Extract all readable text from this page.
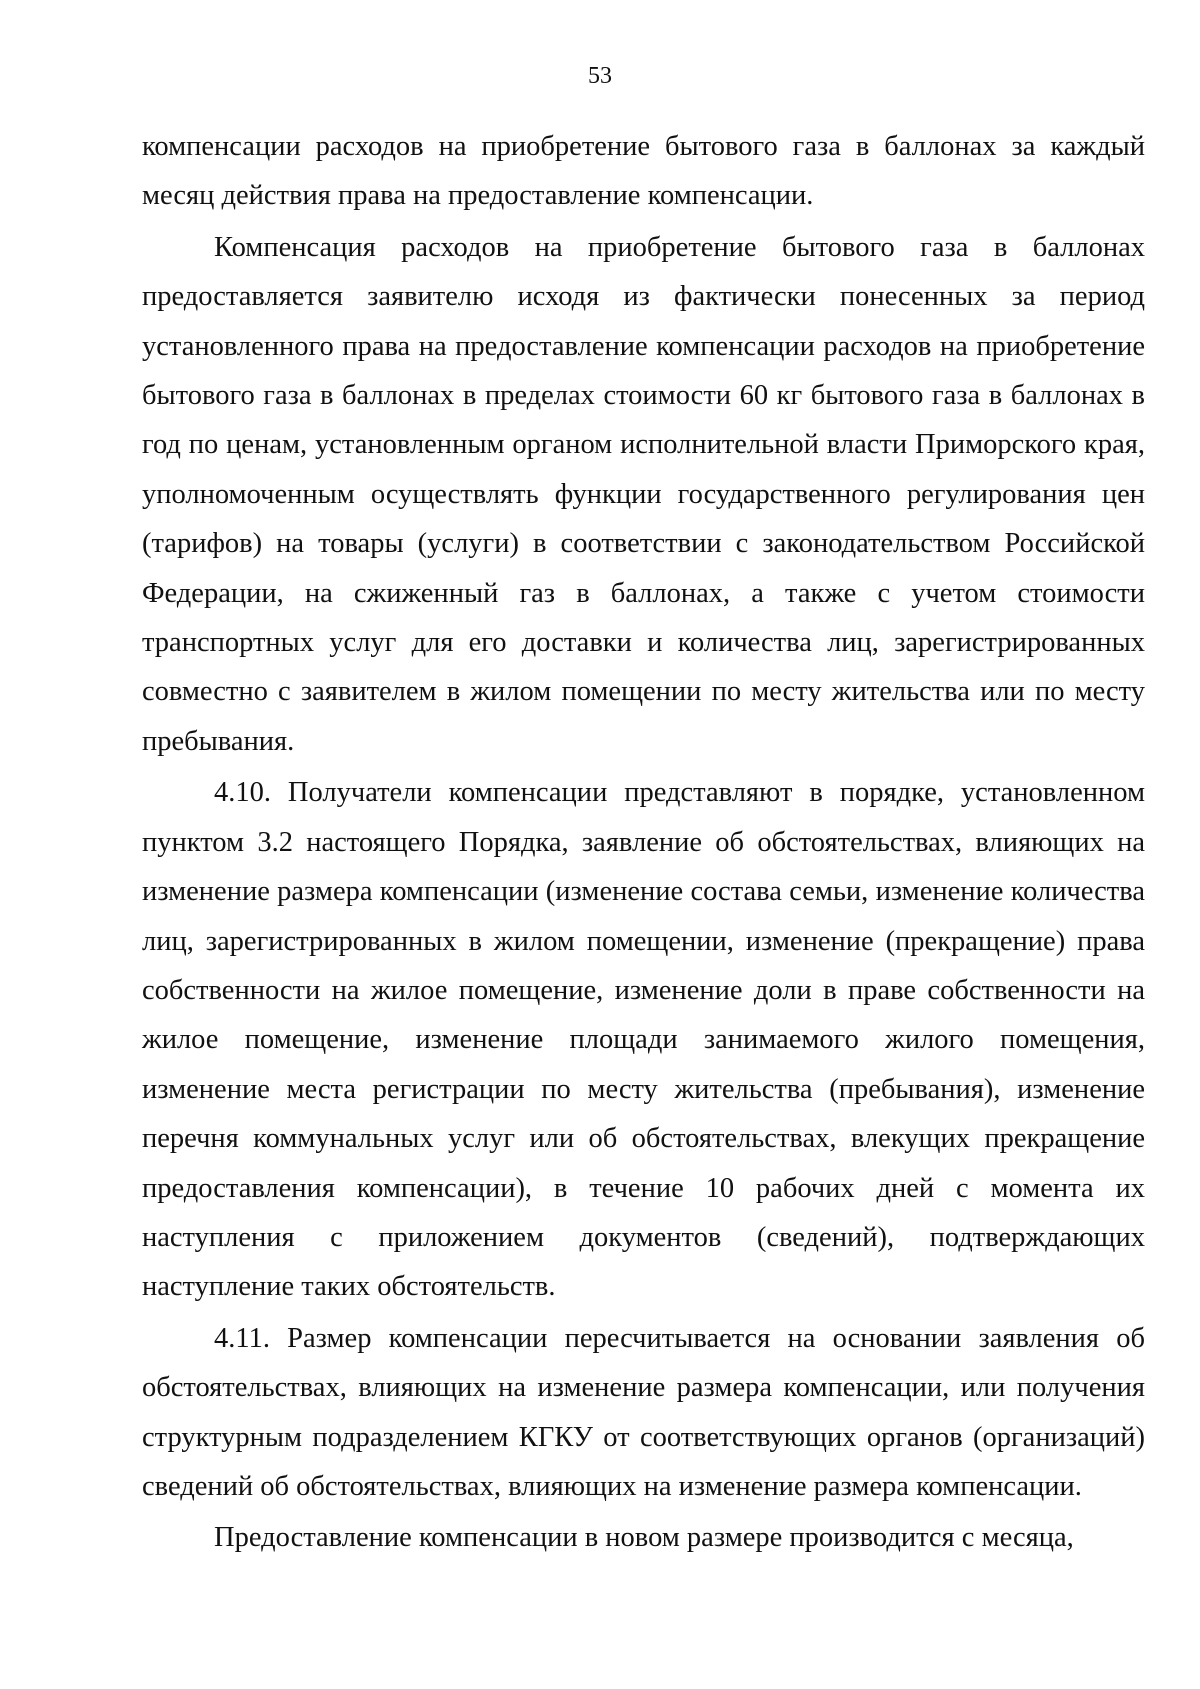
53

компенсации расходов на приобретение бытового газа в баллонах за каждый месяц действия права на предоставление компенсации.

Компенсация расходов на приобретение бытового газа в баллонах предоставляется заявителю исходя из фактически понесенных за период установленного права на предоставление компенсации расходов на приобретение бытового газа в баллонах в пределах стоимости 60 кг бытового газа в баллонах в год по ценам, установленным органом исполнительной власти Приморского края, уполномоченным осуществлять функции государственного регулирования цен (тарифов) на товары (услуги) в соответствии с законодательством Российской Федерации, на сжиженный газ в баллонах, а также с учетом стоимости транспортных услуг для его доставки и количества лиц, зарегистрированных совместно с заявителем в жилом помещении по месту жительства или по месту пребывания.

4.10. Получатели компенсации представляют в порядке, установленном пунктом 3.2 настоящего Порядка, заявление об обстоятельствах, влияющих на изменение размера компенсации (изменение состава семьи, изменение количества лиц, зарегистрированных в жилом помещении, изменение (прекращение) права собственности на жилое помещение, изменение доли в праве собственности на жилое помещение, изменение площади занимаемого жилого помещения, изменение места регистрации по месту жительства (пребывания), изменение перечня коммунальных услуг или об обстоятельствах, влекущих прекращение предоставления компенсации), в течение 10 рабочих дней с момента их наступления с приложением документов (сведений), подтверждающих наступление таких обстоятельств.

4.11. Размер компенсации пересчитывается на основании заявления об обстоятельствах, влияющих на изменение размера компенсации, или получения структурным подразделением КГКУ от соответствующих органов (организаций) сведений об обстоятельствах, влияющих на изменение размера компенсации.

Предоставление компенсации в новом размере производится с месяца,
